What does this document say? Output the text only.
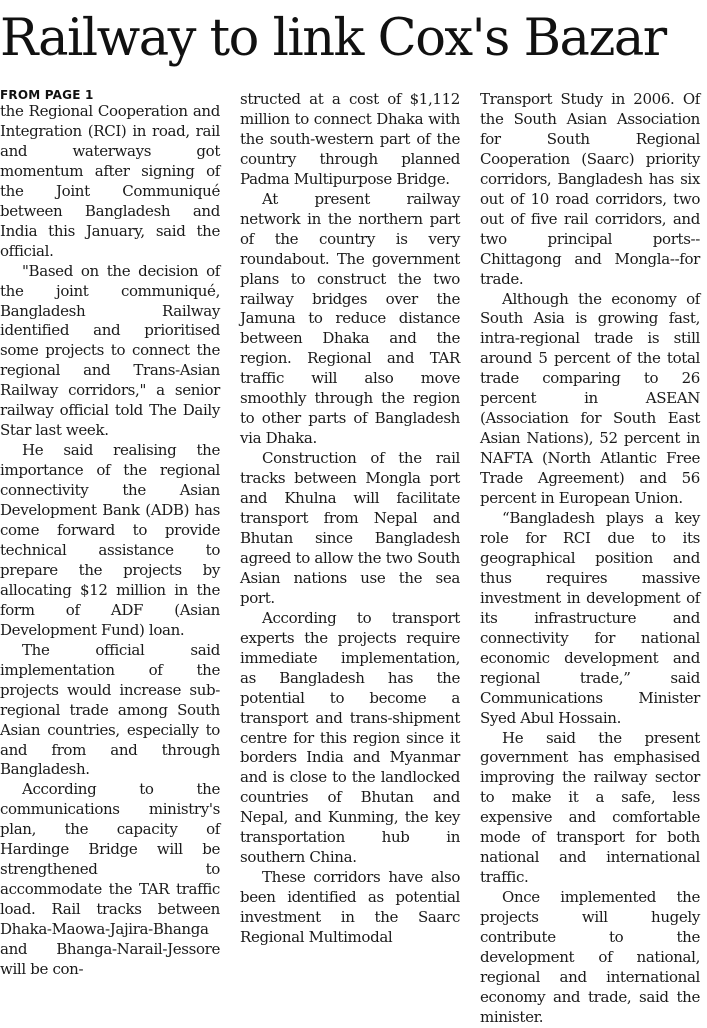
Railway to link Cox's Bazar
FROM PAGE 1

the Regional Cooperation and Integration (RCI) in road, rail and waterways got momentum after signing of the Joint Communiqué between Bangladesh and India this January, said the official.

"Based on the decision of the joint communiqué, Bangladesh Railway identified and prioritised some projects to connect the regional and Trans-Asian Railway corridors," a senior railway official told The Daily Star last week.

He said realising the importance of the regional connectivity the Asian Development Bank (ADB) has come forward to provide technical assistance to prepare the projects by allocating $12 million in the form of ADF (Asian Development Fund) loan.

The official said implementation of the projects would increase sub-regional trade among South Asian countries, especially to and from and through Bangladesh.

According to the communications ministry's plan, the capacity of Hardinge Bridge will be strengthened to accommodate the TAR traffic load. Rail tracks between Dhaka-Maowa-Jajira-Bhanga and Bhanga-Narail-Jessore will be con-

structed at a cost of $1,112 million to connect Dhaka with the south-western part of the country through planned Padma Multipurpose Bridge.

At present railway network in the northern part of the country is very roundabout. The government plans to construct the two railway bridges over the Jamuna to reduce distance between Dhaka and the region. Regional and TAR traffic will also move smoothly through the region to other parts of Bangladesh via Dhaka.

Construction of the rail tracks between Mongla port and Khulna will facilitate transport from Nepal and Bhutan since Bangladesh agreed to allow the two South Asian nations use the sea port.

According to transport experts the projects require immediate implementation, as Bangladesh has the potential to become a transport and trans-shipment centre for this region since it borders India and Myanmar and is close to the landlocked countries of Bhutan and Nepal, and Kunming, the key transportation hub in southern China.

These corridors have also been identified as potential investment in the Saarc Regional Multimodal

Transport Study in 2006. Of the South Asian Association for South Regional Cooperation (Saarc) priority corridors, Bangladesh has six out of 10 road corridors, two out of five rail corridors, and two principal ports--Chittagong and Mongla--for trade.

Although the economy of South Asia is growing fast, intra-regional trade is still around 5 percent of the total trade comparing to 26 percent in ASEAN (Association for South East Asian Nations), 52 percent in NAFTA (North Atlantic Free Trade Agreement) and 56 percent in European Union.

“Bangladesh plays a key role for RCI due to its geographical position and thus requires massive investment in development of its infrastructure and connectivity for national economic development and regional trade,” said Communications Minister Syed Abul Hossain.

He said the present government has emphasised improving the railway sector to make it a safe, less expensive and comfortable mode of transport for both national and international traffic.

Once implemented the projects will hugely contribute to the development of national, regional and international economy and trade, said the minister.
